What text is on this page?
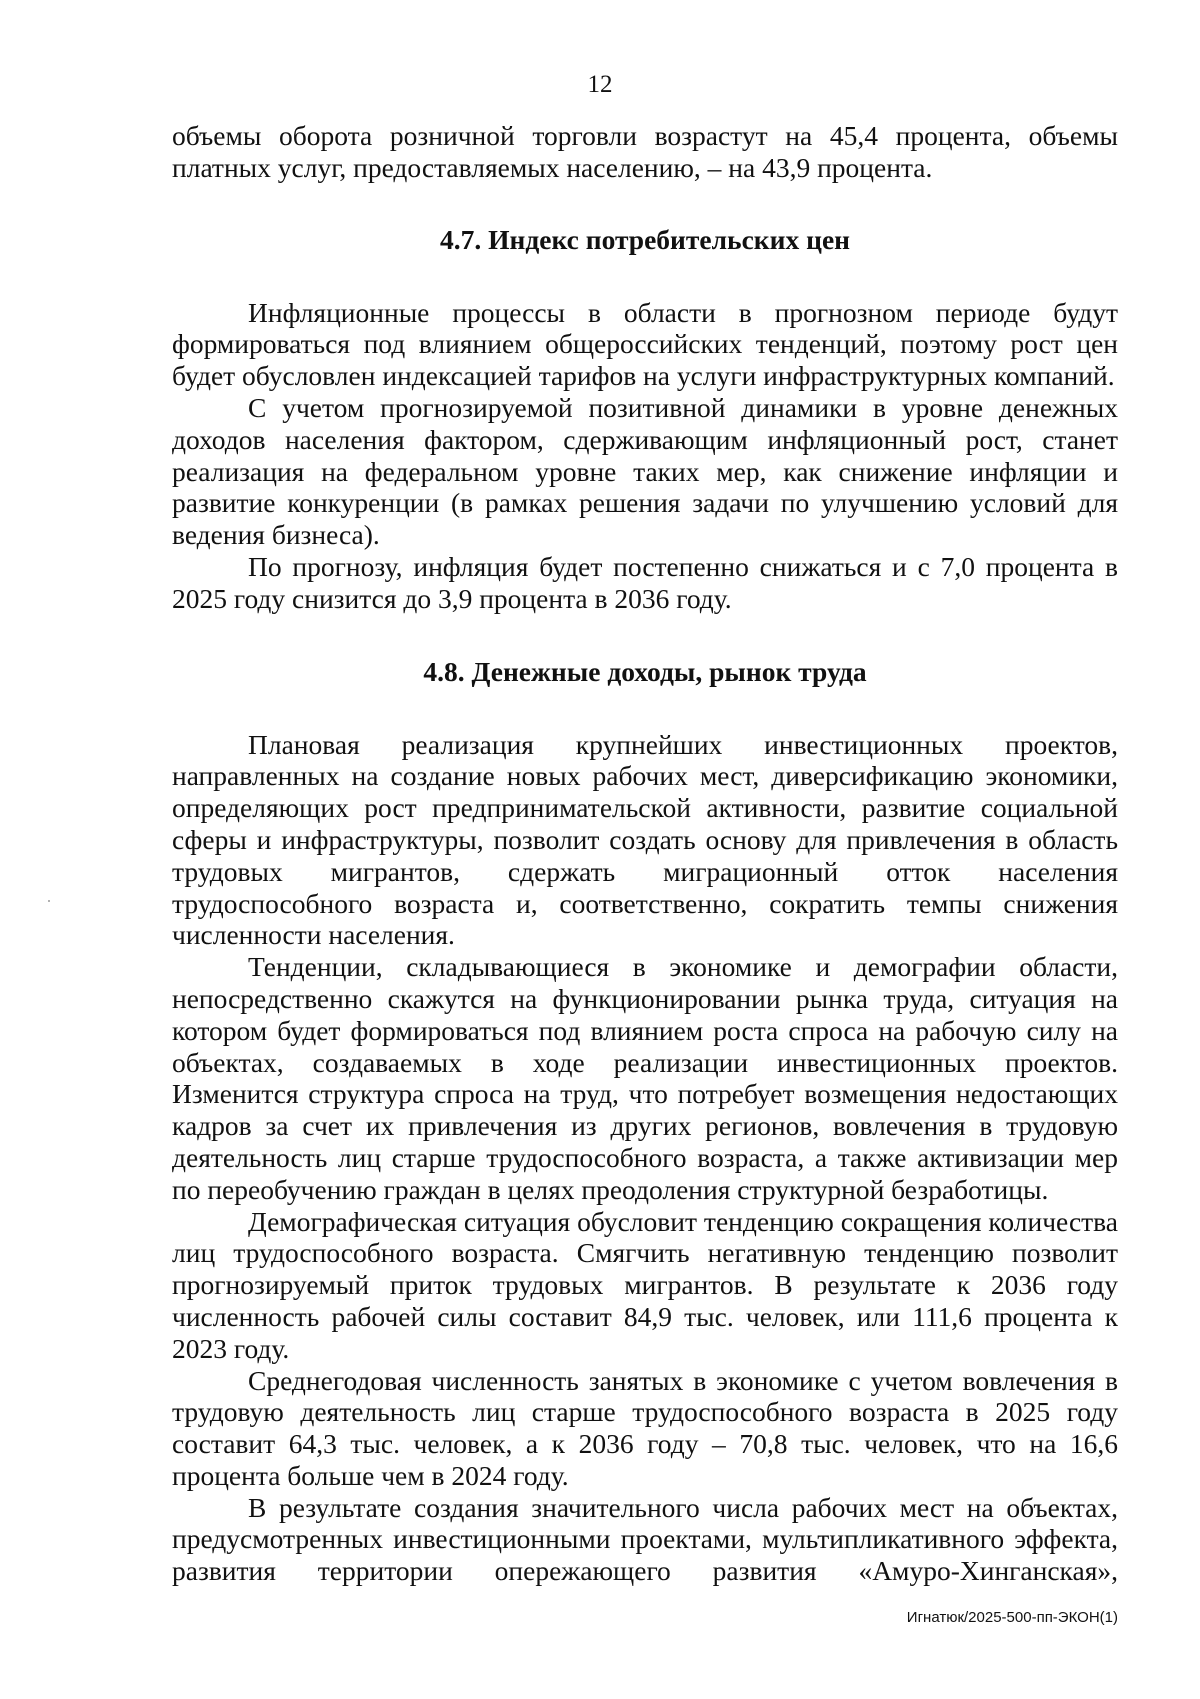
12

объемы оборота розничной торговли возрастут на 45,4 процента, объемы платных услуг, предоставляемых населению, – на 43,9 процента.

4.7. Индекс потребительских цен

Инфляционные процессы в области в прогнозном периоде будут формироваться под влиянием общероссийских тенденций, поэтому рост цен будет обусловлен индексацией тарифов на услуги инфраструктурных компаний.

С учетом прогнозируемой позитивной динамики в уровне денежных доходов населения фактором, сдерживающим инфляционный рост, станет реализация на федеральном уровне таких мер, как снижение инфляции и развитие конкуренции (в рамках решения задачи по улучшению условий для ведения бизнеса).

По прогнозу, инфляция будет постепенно снижаться и с 7,0 процента в 2025 году снизится до 3,9 процента в 2036 году.

4.8. Денежные доходы, рынок труда

Плановая реализация крупнейших инвестиционных проектов, направленных на создание новых рабочих мест, диверсификацию экономики, определяющих рост предпринимательской активности, развитие социальной сферы и инфраструктуры, позволит создать основу для привлечения в область трудовых мигрантов, сдержать миграционный отток населения трудоспособного возраста и, соответственно, сократить темпы снижения численности населения.

Тенденции, складывающиеся в экономике и демографии области, непосредственно скажутся на функционировании рынка труда, ситуация на котором будет формироваться под влиянием роста спроса на рабочую силу на объектах, создаваемых в ходе реализации инвестиционных проектов. Изменится структура спроса на труд, что потребует возмещения недостающих кадров за счет их привлечения из других регионов, вовлечения в трудовую деятельность лиц старше трудоспособного возраста, а также активизации мер по переобучению граждан в целях преодоления структурной безработицы.

Демографическая ситуация обусловит тенденцию сокращения количества лиц трудоспособного возраста. Смягчить негативную тенденцию позволит прогнозируемый приток трудовых мигрантов. В результате к 2036 году численность рабочей силы составит 84,9 тыс. человек, или 111,6 процента к 2023 году.

Среднегодовая численность занятых в экономике с учетом вовлечения в трудовую деятельность лиц старше трудоспособного возраста в 2025 году составит 64,3 тыс. человек, а к 2036 году – 70,8 тыс. человек, что на 16,6 процента больше чем в 2024 году.

В результате создания значительного числа рабочих мест на объектах, предусмотренных инвестиционными проектами, мультипликативного эффекта, развития территории опережающего развития «Амуро-Хинганская»,

Игнатюк/2025-500-пп-ЭКОН(1)
